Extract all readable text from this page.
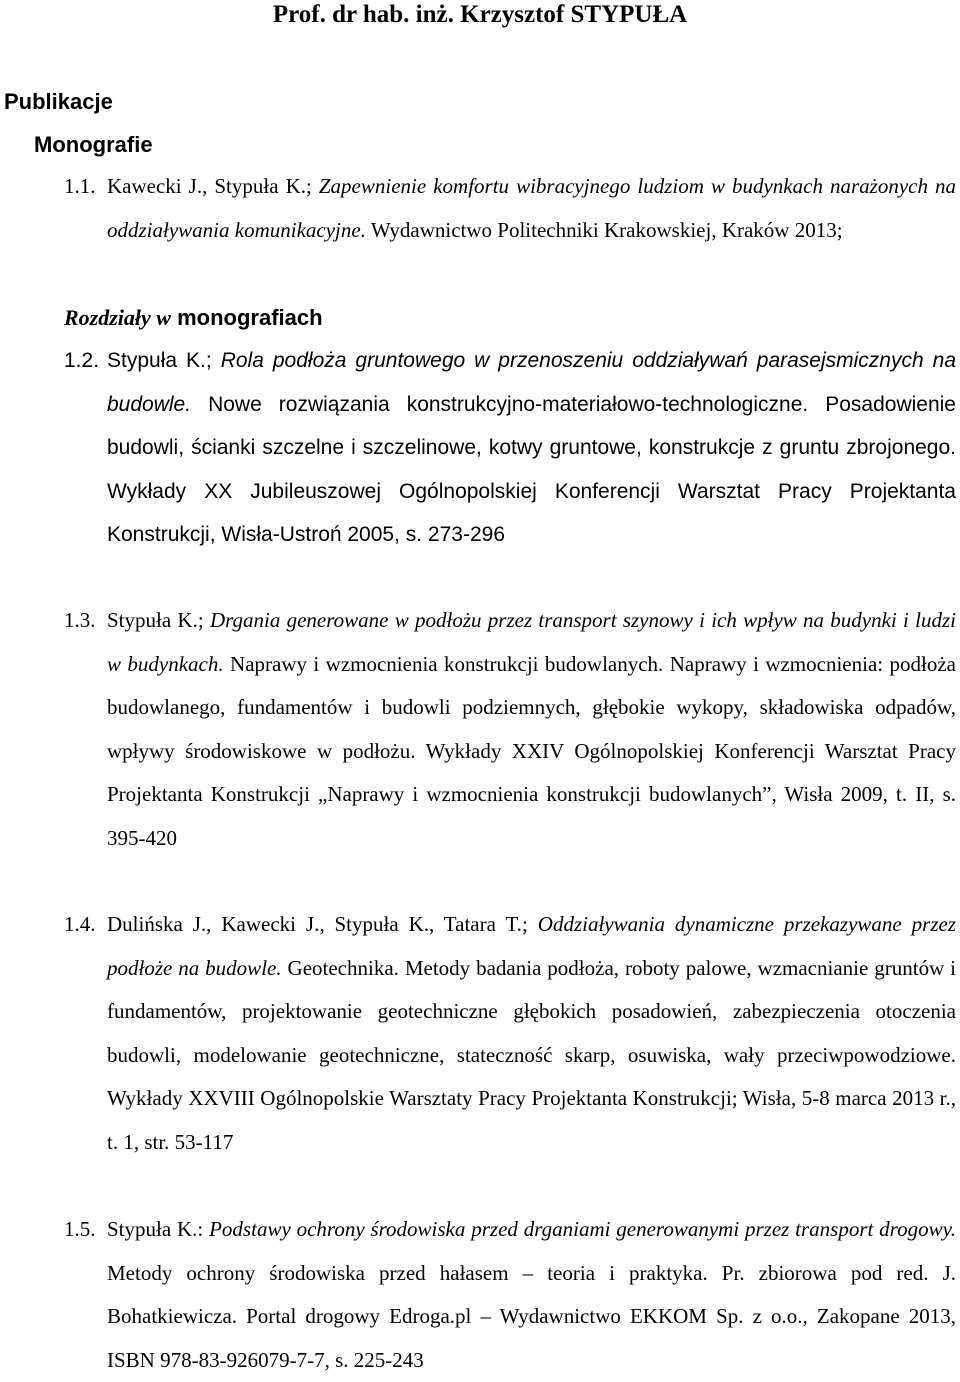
Prof. dr hab. inż. Krzysztof STYPUŁA
Publikacje
Monografie
1.1. Kawecki J., Stypuła K.; Zapewnienie komfortu wibracyjnego ludziom w budynkach narażonych na oddziaływania komunikacyjne. Wydawnictwo Politechniki Krakowskiej, Kraków 2013;
Rozdziały w monografiach
1.2. Stypuła K.; Rola podłoża gruntowego w przenoszeniu oddziaływań parasejsmicznych na budowle. Nowe rozwiązania konstrukcyjno-materiałowo-technologiczne. Posadowienie budowli, ścianki szczelne i szczelinowe, kotwy gruntowe, konstrukcje z gruntu zbrojonego. Wykłady XX Jubileuszowej Ogólnopolskiej Konferencji Warsztat Pracy Projektanta Konstrukcji, Wisła-Ustroń 2005, s. 273-296
1.3. Stypuła K.; Drgania generowane w podłożu przez transport szynowy i ich wpływ na budynki i ludzi w budynkach. Naprawy i wzmocnienia konstrukcji budowlanych. Naprawy i wzmocnienia: podłoża budowlanego, fundamentów i budowli podziemnych, głębokie wykopy, składowiska odpadów, wpływy środowiskowe w podłożu. Wykłady XXIV Ogólnopolskiej Konferencji Warsztat Pracy Projektanta Konstrukcji „Naprawy i wzmocnienia konstrukcji budowlanych”, Wisła 2009, t. II, s. 395-420
1.4. Dulińska J., Kawecki J., Stypuła K., Tatara T.; Oddziaływania dynamiczne przekazywane przez podłoże na budowle. Geotechnika. Metody badania podłoża, roboty palowe, wzmacnianie gruntów i fundamentów, projektowanie geotechniczne głębokich posadowień, zabezpieczenia otoczenia budowli, modelowanie geotechniczne, stateczność skarp, osuwiska, wały przeciwpowodziowe. Wykłady XXVIII Ogólnopolskie Warsztaty Pracy Projektanta Konstrukcji; Wisła, 5-8 marca 2013 r., t. 1, str. 53-117
1.5. Stypuła K.: Podstawy ochrony środowiska przed drganiami generowanymi przez transport drogowy. Metody ochrony środowiska przed hałasem – teoria i praktyka. Pr. zbiorowa pod red. J. Bohatkiewicza. Portal drogowy Edroga.pl – Wydawnictwo EKKOM Sp. z o.o., Zakopane 2013, ISBN 978-83-926079-7-7, s. 225-243
